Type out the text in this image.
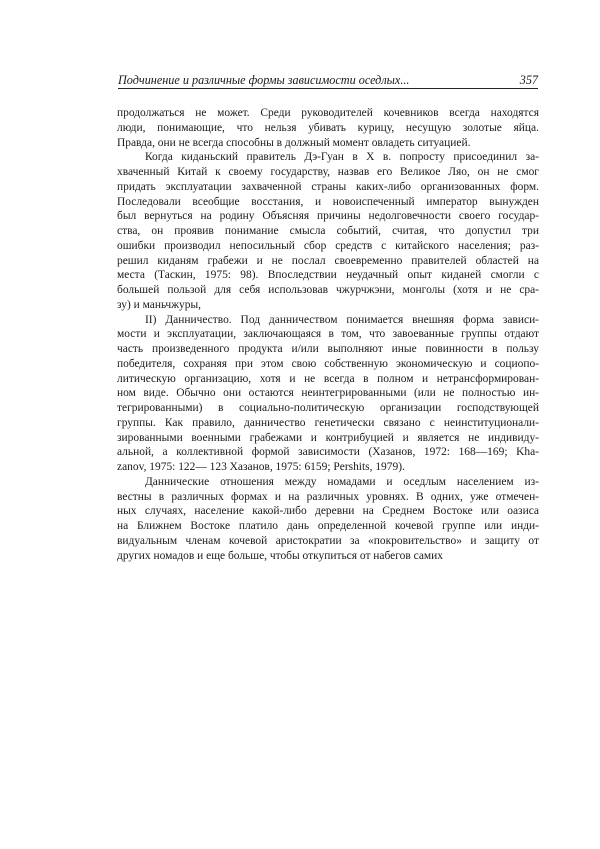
Подчинение и различные формы зависимости оседлых...	357
продолжаться не может. Среди руководителей кочевников всегда находятся
люди, понимающие, что нельзя убивать курицу, несущую золотые яйца.
Правда, они не всегда способны в должный момент овладеть ситуацией.
Когда киданьский правитель Дэ-Гуан в X в. попросту присоединил за-
хваченный Китай к своему государству, назвав его Великое Ляо, он не смог
придать эксплуатации захваченной страны каких-либо организованных форм.
Последовали всеобщие восстания, и новоиспеченный император вынужден
был вернуться на родину Объясняя причины недолговечности своего государ-
ства, он проявив понимание смысла событий, считая, что допустил три
ошибки производил непосильный сбор средств с китайского населения; раз-
решил киданям грабежи и не послал своевременно правителей областей на
места (Таскин, 1975: 98). Впоследствии неудачный опыт киданей смогли с
большей пользой для себя использовав чжурчжэни, монголы (хотя и не сра-
зу) и маньчжуры,
II) Данничество. Под данничеством понимается внешняя форма зависи-
мости и эксплуатации, заключающаяся в том, что завоеванные группы отдают
часть произведенного продукта и/или выполняют иные повинности в пользу
победителя, сохраняя при этом свою собственную экономическую и социопо-
литическую организацию, хотя и не всегда в полном и нетрансформирован-
ном виде. Обычно они остаются неинтегрированными (или не полностью ин-
тегрированными) в социально-политическую организации господствующей
группы. Как правило, данничество генетически связано с неинституционали-
зированными военными грабежами и контрибуцией и является не индивиду-
альной, а коллективной формой зависимости (Хазанов, 1972: 168—169; Kha-
zanov, 1975: 122— 123 Хазанов, 1975: 6159; Pershits, 1979).
Даннические отношения между номадами и оседлым населением из-
вестны в различных формах и на различных уровнях. В одних, уже отмечен-
ных случаях, население какой-либо деревни на Среднем Востоке или оазиса
на Ближнем Востоке платило дань определенной кочевой группе или инди-
видуальным членам кочевой аристократии за «покровительство» и защиту от
других номадов и еще больше, чтобы откупиться от набегов самих
